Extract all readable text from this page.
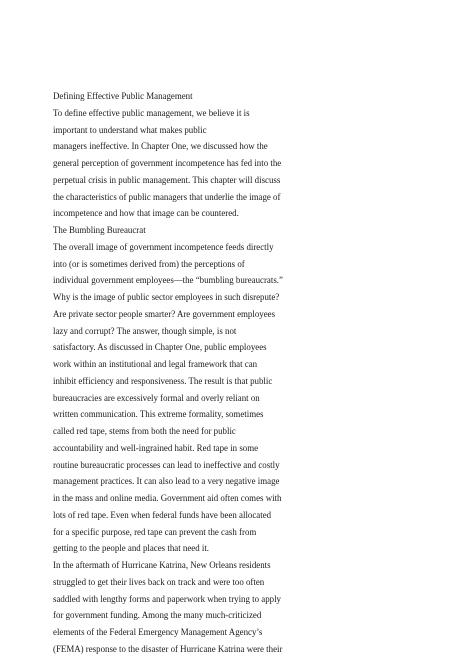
Defining Effective Public Management
To define effective public management, we believe it is
important to understand what makes public
managers ineffective. In Chapter One, we discussed how the
general perception of government incompetence has fed into the
perpetual crisis in public management. This chapter will discuss
the characteristics of public managers that underlie the image of
incompetence and how that image can be countered.
The Bumbling Bureaucrat
The overall image of government incompetence feeds directly
into (or is sometimes derived from) the perceptions of
individual government employees—the “bumbling bureaucrats.”
Why is the image of public sector employees in such disrepute?
Are private sector people smarter? Are government employees
lazy and corrupt? The answer, though simple, is not
satisfactory. As discussed in Chapter One, public employees
work within an institutional and legal framework that can
inhibit efficiency and responsiveness. The result is that public
bureaucracies are excessively formal and overly reliant on
written communication. This extreme formality, sometimes
called red tape, stems from both the need for public
accountability and well-ingrained habit. Red tape in some
routine bureaucratic processes can lead to ineffective and costly
management practices. It can also lead to a very negative image
in the mass and online media. Government aid often comes with
lots of red tape. Even when federal funds have been allocated
for a specific purpose, red tape can prevent the cash from
getting to the people and places that need it.
In the aftermath of Hurricane Katrina, New Orleans residents
struggled to get their lives back on track and were too often
saddled with lengthy forms and paperwork when trying to apply
for government funding. Among the many much-criticized
elements of the Federal Emergency Management Agency’s
(FEMA) response to the disaster of Hurricane Katrina were their
